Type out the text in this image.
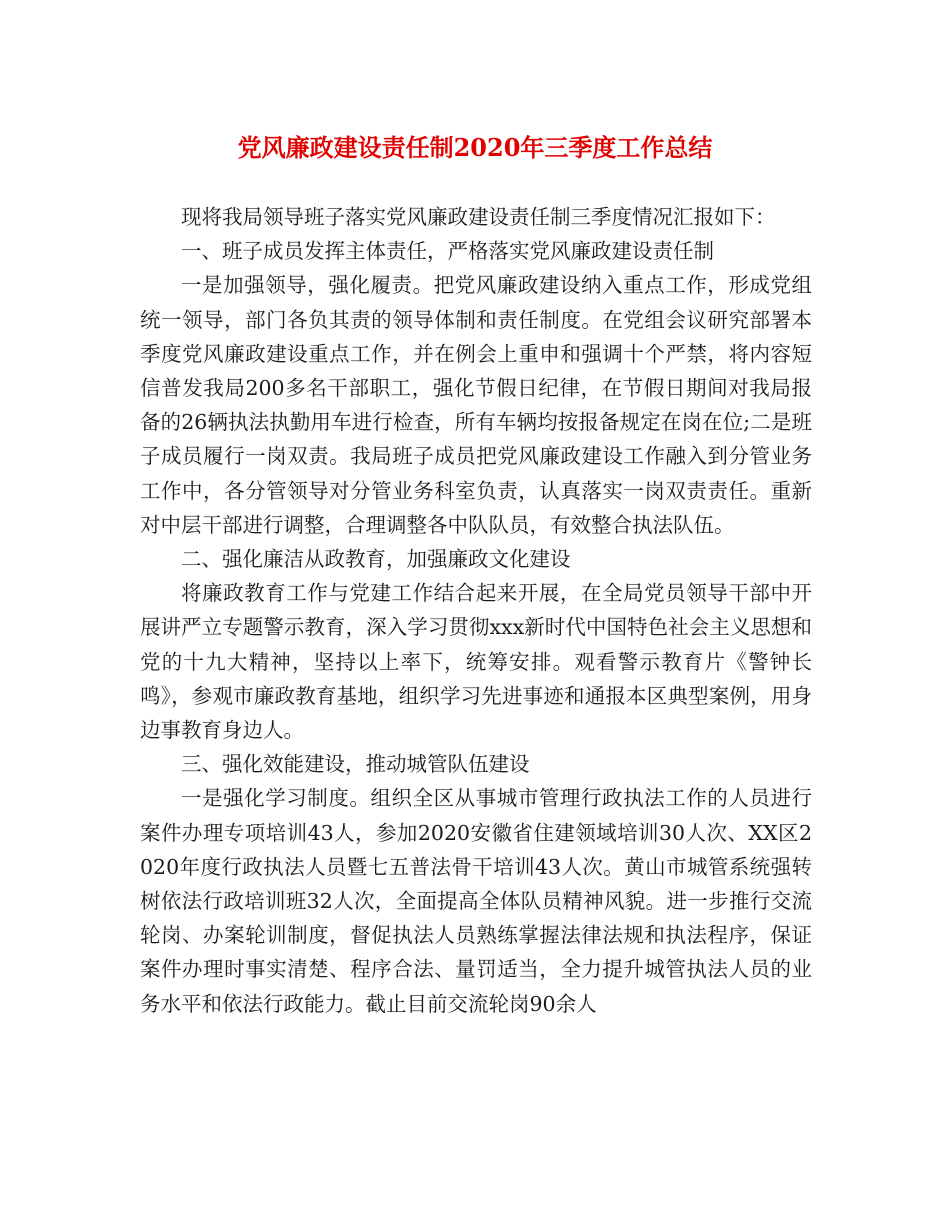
党风廉政建设责任制2020年三季度工作总结

现将我局领导班子落实党风廉政建设责任制三季度情况汇报如下：

一、班子成员发挥主体责任，严格落实党风廉政建设责任制

一是加强领导，强化履责。把党风廉政建设纳入重点工作，形成党组统一领导，部门各负其责的领导体制和责任制度。在党组会议研究部署本季度党风廉政建设重点工作，并在例会上重申和强调十个严禁，将内容短信普发我局200多名干部职工，强化节假日纪律，在节假日期间对我局报备的26辆执法执勤用车进行检查，所有车辆均按报备规定在岗在位;二是班子成员履行一岗双责。我局班子成员把党风廉政建设工作融入到分管业务工作中，各分管领导对分管业务科室负责，认真落实一岗双责责任。重新对中层干部进行调整，合理调整各中队队员，有效整合执法队伍。

二、强化廉洁从政教育，加强廉政文化建设

将廉政教育工作与党建工作结合起来开展，在全局党员领导干部中开展讲严立专题警示教育，深入学习贯彻xxx新时代中国特色社会主义思想和党的十九大精神，坚持以上率下，统筹安排。观看警示教育片《警钟长鸣》，参观市廉政教育基地，组织学习先进事迹和通报本区典型案例，用身边事教育身边人。

三、强化效能建设，推动城管队伍建设

一是强化学习制度。组织全区从事城市管理行政执法工作的人员进行案件办理专项培训43人，参加2020安徽省住建领域培训30人次、XX区2020年度行政执法人员暨七五普法骨干培训43人次。黄山市城管系统强转树依法行政培训班32人次，全面提高全体队员精神风貌。进一步推行交流轮岗、办案轮训制度，督促执法人员熟练掌握法律法规和执法程序，保证案件办理时事实清楚、程序合法、量罚适当，全力提升城管执法人员的业务水平和依法行政能力。截止目前交流轮岗90余人
